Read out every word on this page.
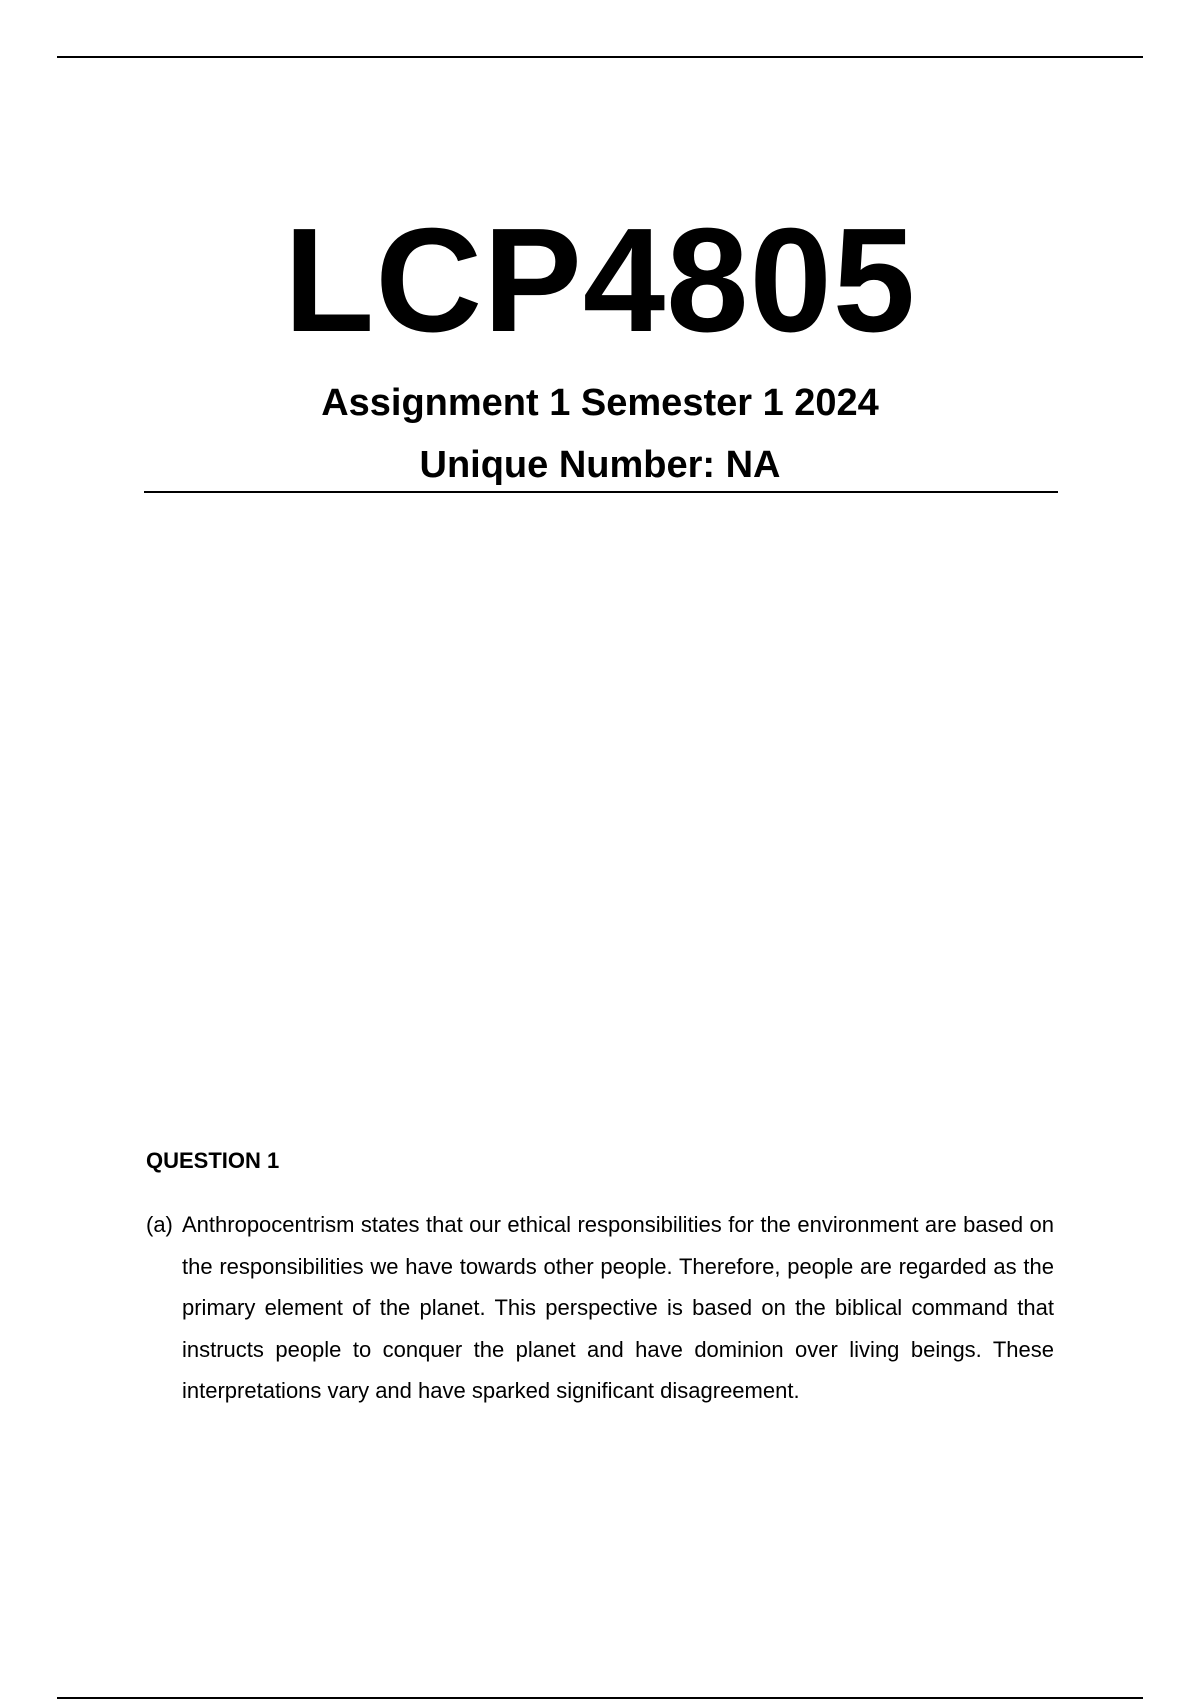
LCP4805
Assignment 1 Semester 1 2024
Unique Number: NA
QUESTION 1
(a) Anthropocentrism states that our ethical responsibilities for the environment are based on the responsibilities we have towards other people. Therefore, people are regarded as the primary element of the planet. This perspective is based on the biblical command that instructs people to conquer the planet and have dominion over living beings. These interpretations vary and have sparked significant disagreement.
